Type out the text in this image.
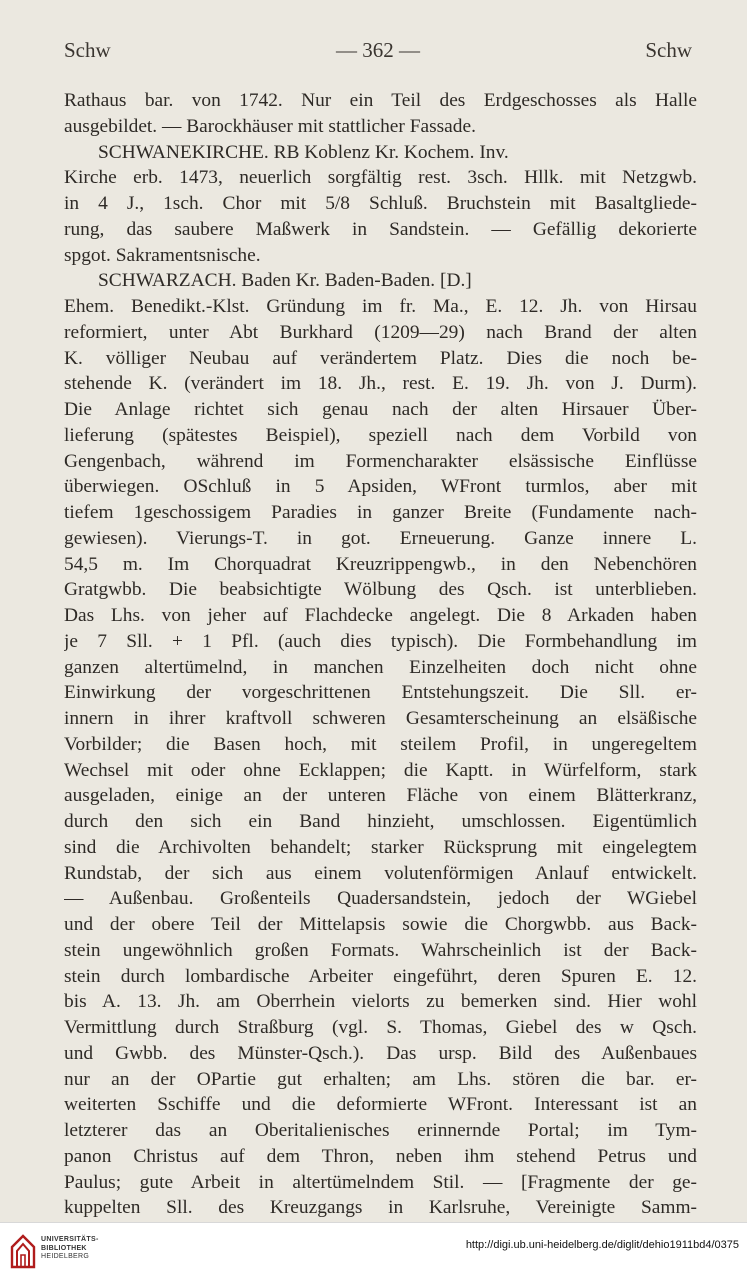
Schw	— 362 —	Schw
Rathaus bar. von 1742. Nur ein Teil des Erdgeschosses als Halle
ausgebildet. — Barockhäuser mit stattlicher Fassade.
SCHWANEKIRCHE. RB Koblenz Kr. Kochem. Inv.
Kirche erb. 1473, neuerlich sorgfältig rest. 3sch. Hllk. mit Netzgwb.
in 4 J., 1sch. Chor mit 5/8 Schluß. Bruchstein mit Basaltgliede-
rung, das saubere Maßwerk in Sandstein. — Gefällig dekorierte
spgot. Sakramentsnische.
SCHWARZACH. Baden Kr. Baden-Baden. [D.]
Ehem. Benedikt.-Klst. Gründung im fr. Ma., E. 12. Jh. von Hirsau
reformiert, unter Abt Burkhard (1209—29) nach Brand der alten
K. völliger Neubau auf verändertem Platz. Dies die noch be-
stehende K. (verändert im 18. Jh., rest. E. 19. Jh. von J. Durm).
Die Anlage richtet sich genau nach der alten Hirsauer Über-
lieferung (spätestes Beispiel), speziell nach dem Vorbild von
Gengenbach, während im Formencharakter elsässische Einflüsse
überwiegen. OSchluß in 5 Apsiden, WFront turmlos, aber mit
tiefem 1geschossigem Paradies in ganzer Breite (Fundamente nach-
gewiesen). Vierungs-T. in got. Erneuerung. Ganze innere L.
54,5 m. Im Chorquadrat Kreuzrippengwb., in den Nebenchören
Gratgwbb. Die beabsichtigte Wölbung des Qsch. ist unterblieben.
Das Lhs. von jeher auf Flachdecke angelegt. Die 8 Arkaden haben
je 7 Sll. + 1 Pfl. (auch dies typisch). Die Formbehandlung im
ganzen altertümelnd, in manchen Einzelheiten doch nicht ohne
Einwirkung der vorgeschrittenen Entstehungszeit. Die Sll. er-
innern in ihrer kraftvoll schweren Gesamterscheinung an elsäßische
Vorbilder; die Basen hoch, mit steilem Profil, in ungeregeltem
Wechsel mit oder ohne Ecklappen; die Kaptt. in Würfelform, stark
ausgeladen, einige an der unteren Fläche von einem Blätterkranz,
durch den sich ein Band hinzieht, umschlossen. Eigentümlich
sind die Archivolten behandelt; starker Rücksprung mit eingelegtem
Rundstab, der sich aus einem volutenförmigen Anlauf entwickelt.
— Außenbau. Großenteils Quadersandstein, jedoch der WGiebel
und der obere Teil der Mittelapsis sowie die Chorgwbb. aus Back-
stein ungewöhnlich großen Formats. Wahrscheinlich ist der Back-
stein durch lombardische Arbeiter eingeführt, deren Spuren E. 12.
bis A. 13. Jh. am Oberrhein vielorts zu bemerken sind. Hier wohl
Vermittlung durch Straßburg (vgl. S. Thomas, Giebel des w Qsch.
und Gwbb. des Münster-Qsch.). Das ursp. Bild des Außenbaues
nur an der OPartie gut erhalten; am Lhs. stören die bar. er-
weiterten Sschiffe und die deformierte WFront. Interessant ist an
letzterer das an Oberitalienisches erinnernde Portal; im Tym-
panon Christus auf dem Thron, neben ihm stehend Petrus und
Paulus; gute Arbeit in altertümelndem Stil. — [Fragmente der ge-
kuppelten Sll. des Kreuzgangs in Karlsruhe, Vereinigte Samm-
UNIVERSITÄTS-
BIBLIOTHEK
HEIDELBERG
http://digi.ub.uni-heidelberg.de/diglit/dehio1911bd4/0375
